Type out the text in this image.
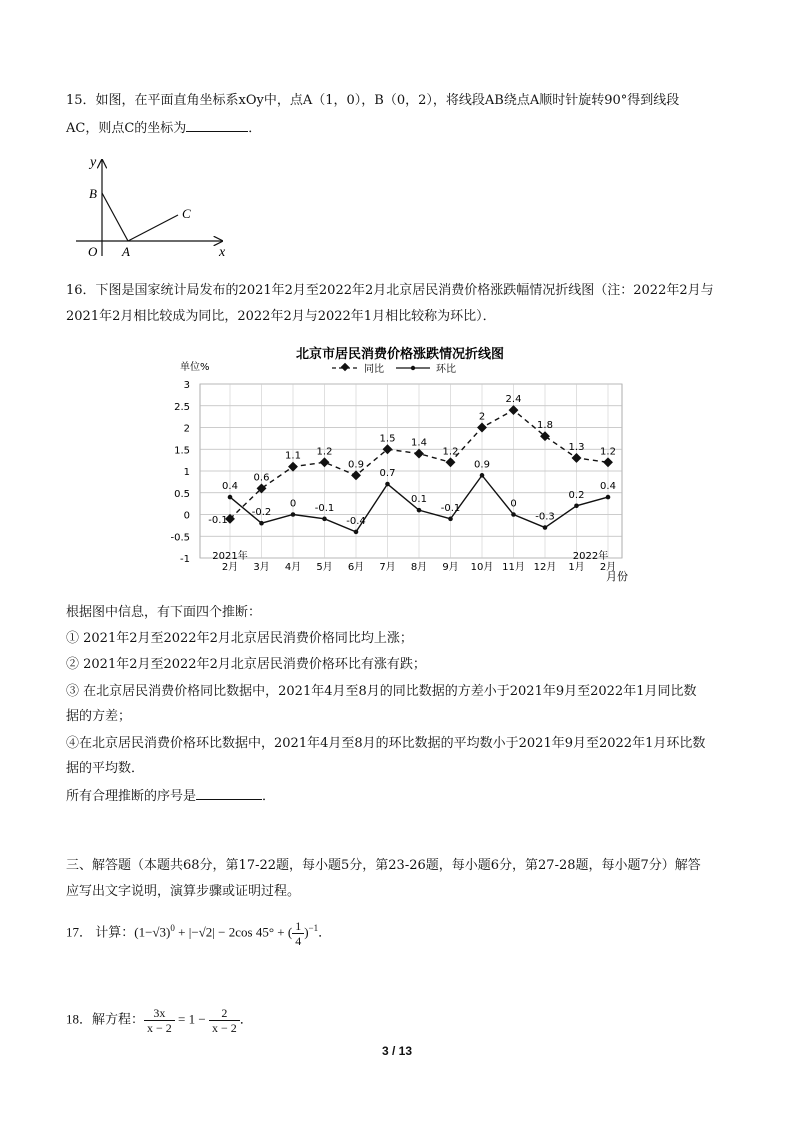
15．如图，在平面直角坐标系xOy中，点A（1，0），B（0，2），将线段AB绕点A顺时针旋转90°得到线段
AC，则点C的坐标为	．
y
x
O A
B
C
16．下图是国家统计局发布的2021年2月至2022年2月北京居民消费价格涨跌幅情况折线图（注：2022年2月与
2021年2月相比较成为同比，2022年2月与2022年1月相比较称为环比）．
北京市居民消费价格涨跌情况折线图
单位%
月份
同比	环比
3
2.5
2
1.5
1
0.5
0
-0.5
-1
2月 3月 4月 5月 6月 7月 8月 9月 10月 11月 12月 1月 2月
2021年	2022年
-0.1
0.6
1.1 1.2
0.9
1.5 1.4
1.2
2
2.4
1.8
1.3 1.2
0.4
-0.2
0 -0.1
-0.4
0.7
0.1
-0.1
0.9
0
-0.3
0.2
0.4
根据图中信息，有下面四个推断：
① 2021年2月至2022年2月北京居民消费价格同比均上涨；
② 2021年2月至2022年2月北京居民消费价格环比有涨有跌；
③ 在北京居民消费价格同比数据中，2021年4月至8月的同比数据的方差小于2021年9月至2022年1月同比数
据的方差；
④在北京居民消费价格环比数据中，2021年4月至8月的环比数据的平均数小于2021年9月至2022年1月环比数
据的平均数．
所有合理推断的序号是	．
三、解答题（本题共68分，第17-22题，每小题5分，第23-26题，每小题6分，第27-28题，每小题7分）解答
应写出文字说明，演算步骤或证明过程。
17． 计算：$(1-√3)^0 + |-√2| - 2\cos$ 45° + ( $\frac{1}{4} )^{-1}$．
18．解方程： $\frac{3x}{x - 2} = 1 - \frac{2}{x - 2}$ ．
3 / 13
